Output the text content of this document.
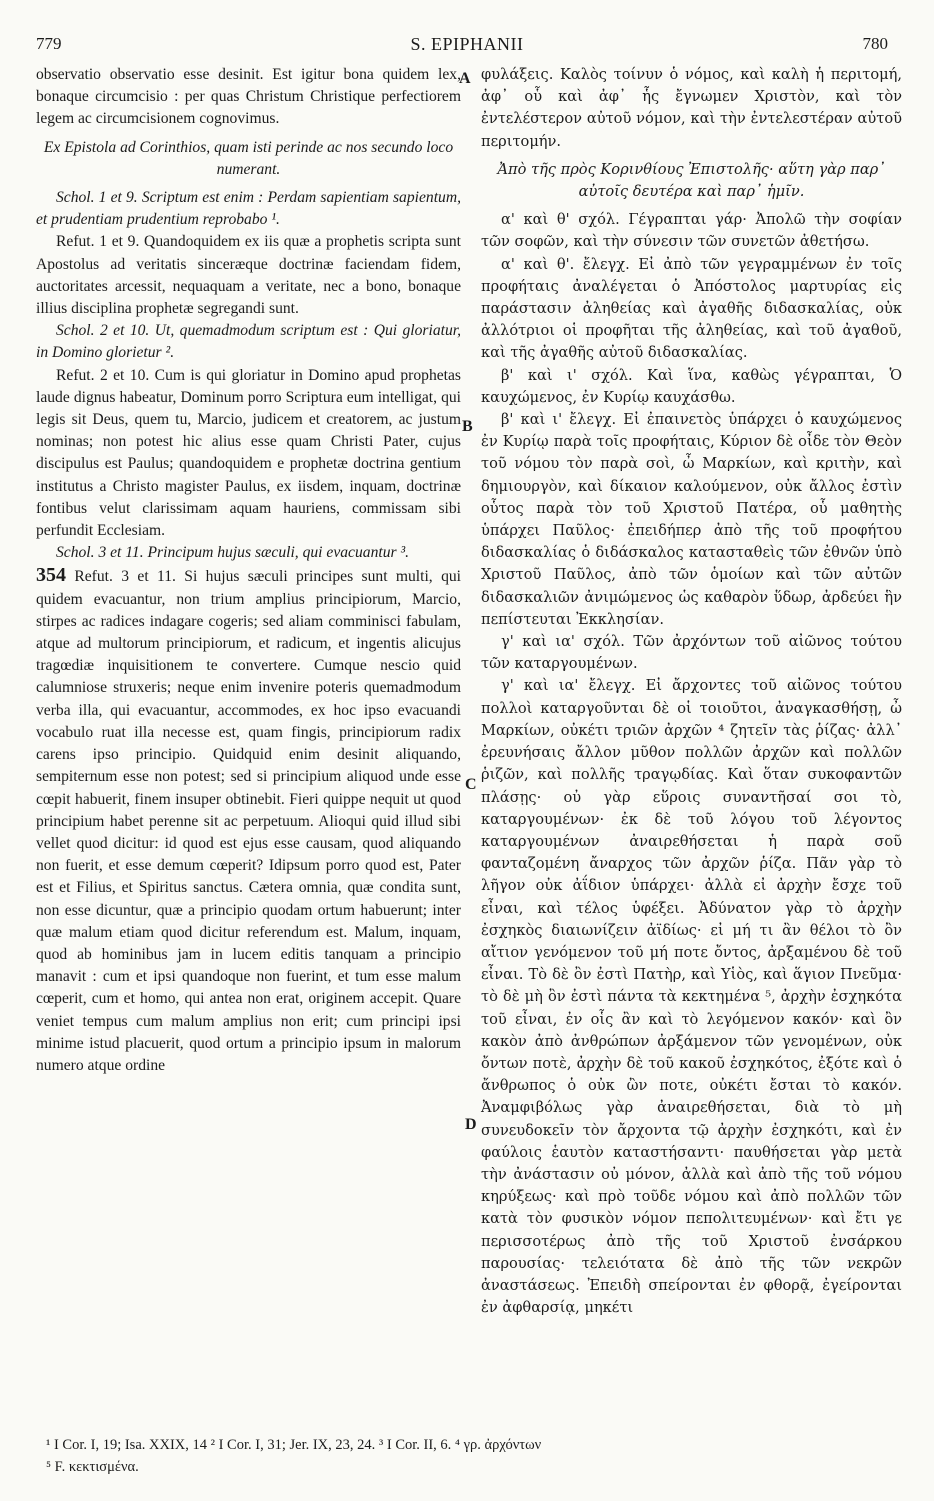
779	S. EPIPHANII	780
A
B
C
D

observatio observatio esse desinit. Est igitur bona quidem lex, bonaque circumcisio : per quas Christum Christique perfectiorem legem ac circumcisionem cognovimus.

Ex Epistola ad Corinthios, quam isti perinde ac nos secundo loco numerant.

Schol. 1 et 9. Scriptum est enim : Perdam sapientiam sapientum, et prudentiam prudentium reprobabo ¹.

Refut. 1 et 9. Quandoquidem ex iis quæ a prophetis scripta sunt Apostolus ad veritatis sinceræque doctrinæ faciendam fidem, auctoritates arcessit, nequaquam a veritate, nec a bono, bonaque illius disciplina prophetæ segregandi sunt.

Schol. 2 et 10. Ut, quemadmodum scriptum est : Qui gloriatur, in Domino glorietur ².

Refut. 2 et 10. Cum is qui gloriatur in Domino apud prophetas laude dignus habeatur, Dominum porro Scriptura eum intelligat, qui legis sit Deus, quem tu, Marcio, judicem et creatorem, ac justum nominas; non potest hic alius esse quam Christi Pater, cujus discipulus est Paulus; quandoquidem e prophetæ doctrina gentium institutus a Christo magister Paulus, ex iisdem, inquam, doctrinæ fontibus velut clarissimam aquam hauriens, commissam sibi perfundit Ecclesiam.

Schol. 3 et 11. Principum hujus sæculi, qui evacuantur ³.

354 Refut. 3 et 11. Si hujus sæculi principes sunt multi, qui quidem evacuantur, non trium amplius principiorum, Marcio, stirpes ac radices indagare cogeris; sed aliam comminisci fabulam, atque ad multorum principiorum, et radicum, et ingentis alicujus tragœdiæ inquisitionem te convertere. Cumque nescio quid calumniose struxeris; neque enim invenire poteris quemadmodum verba illa, qui evacuantur, accommodes, ex hoc ipso evacuandi vocabulo ruat illa necesse est, quam fingis, principiorum radix carens ipso principio. Quidquid enim desinit aliquando, sempiternum esse non potest; sed si principium aliquod unde esse cœpit habuerit, finem insuper obtinebit. Fieri quippe nequit ut quod principium habet perenne sit ac perpetuum. Alioqui quid illud sibi vellet quod dicitur: id quod est ejus esse causam, quod aliquando non fuerit, et esse demum cœperit? Idipsum porro quod est, Pater est et Filius, et Spiritus sanctus. Cætera omnia, quæ condita sunt, non esse dicuntur, quæ a principio quodam ortum habuerunt; inter quæ malum etiam quod dicitur referendum est. Malum, inquam, quod ab hominibus jam in lucem editis tanquam a principio manavit : cum et ipsi quandoque non fuerint, et tum esse malum cœperit, cum et homo, qui antea non erat, originem accepit. Quare veniet tempus cum malum amplius non erit; cum principi ipsi minime istud placuerit, quod ortum a principio ipsum in malorum numero atque ordine

φυλάξεις. Καλὸς τοίνυν ὁ νόμος, καὶ καλὴ ἡ περιτομή, ἀφ᾽ οὗ καὶ ἀφ᾽ ἧς ἔγνωμεν Χριστὸν, καὶ τὸν ἐντελέστερον αὐτοῦ νόμον, καὶ τὴν ἐντελεστέραν αὐτοῦ περιτομήν.

Ἀπὸ τῆς πρὸς Κορινθίους Ἐπιστολῆς· αὕτη γὰρ παρ᾽ αὐτοῖς δευτέρα καὶ παρ᾽ ἡμῖν.

α' καὶ θ' σχόλ. Γέγραπται γάρ· Ἀπολῶ τὴν σοφίαν τῶν σοφῶν, καὶ τὴν σύνεσιν τῶν συνετῶν ἀθετήσω.

α' καὶ θ'. ἔλεγχ. Εἰ ἀπὸ τῶν γεγραμμένων ἐν τοῖς προφήταις ἀναλέγεται ὁ Ἀπόστολος μαρτυρίας εἰς παράστασιν ἀληθείας καὶ ἀγαθῆς διδασκαλίας, οὐκ ἀλλότριοι οἱ προφῆται τῆς ἀληθείας, καὶ τοῦ ἀγαθοῦ, καὶ τῆς ἀγαθῆς αὐτοῦ διδασκαλίας.

β' καὶ ι' σχόλ. Καὶ ἵνα, καθὼς γέγραπται, Ὁ καυχώμενος, ἐν Κυρίῳ καυχάσθω.

β' καὶ ι' ἔλεγχ. Εἰ ἐπαινετὸς ὑπάρχει ὁ καυχώμενος ἐν Κυρίῳ παρὰ τοῖς προφήταις, Κύριον δὲ οἶδε τὸν Θεὸν τοῦ νόμου τὸν παρὰ σοὶ, ὦ Μαρκίων, καὶ κριτὴν, καὶ δημιουργὸν, καὶ δίκαιον καλούμενον, οὐκ ἄλλος ἐστὶν οὗτος παρὰ τὸν τοῦ Χριστοῦ Πατέρα, οὗ μαθητὴς ὑπάρχει Παῦλος· ἐπειδήπερ ἀπὸ τῆς τοῦ προφήτου διδασκαλίας ὁ διδάσκαλος κατασταθεὶς τῶν ἐθνῶν ὑπὸ Χριστοῦ Παῦλος, ἀπὸ τῶν ὁμοίων καὶ τῶν αὐτῶν διδασκαλιῶν ἀνιμώμενος ὡς καθαρὸν ὕδωρ, ἀρδεύει ἣν πεπίστευται Ἐκκλησίαν.

γ' καὶ ια' σχόλ. Τῶν ἀρχόντων τοῦ αἰῶνος τούτου τῶν καταργουμένων.

γ' καὶ ια' ἔλεγχ. Εἰ ἄρχοντες τοῦ αἰῶνος τούτου πολλοὶ καταργοῦνται δὲ οἱ τοιοῦτοι, ἀναγκασθήσῃ, ὦ Μαρκίων, οὐκέτι τριῶν ἀρχῶν ⁴ ζητεῖν τὰς ῥίζας· ἀλλ᾽ ἐρευνήσαις ἄλλον μῦθον πολλῶν ἀρχῶν καὶ πολλῶν ῥιζῶν, καὶ πολλῆς τραγῳδίας. Καὶ ὅταν συκοφαντῶν πλάσῃς· οὐ γὰρ εὕροις συναντῆσαί σοι τὸ, καταργουμένων· ἐκ δὲ τοῦ λόγου τοῦ λέγοντος καταργουμένων ἀναιρεθήσεται ἡ παρὰ σοῦ φανταζομένη ἄναρχος τῶν ἀρχῶν ῥίζα. Πᾶν γὰρ τὸ λῆγον οὐκ ἀΐδιον ὑπάρχει· ἀλλὰ εἰ ἀρχὴν ἔσχε τοῦ εἶναι, καὶ τέλος ὑφέξει. Ἀδύνατον γὰρ τὸ ἀρχὴν ἐσχηκὸς διαιωνίζειν ἀϊδίως· εἰ μή τι ἂν θέλοι τὸ ὂν αἴτιον γενόμενον τοῦ μή ποτε ὄντος, ἀρξαμένου δὲ τοῦ εἶναι. Τὸ δὲ ὂν ἐστὶ Πατὴρ, καὶ Υἱὸς, καὶ ἅγιον Πνεῦμα· τὸ δὲ μὴ ὂν ἐστὶ πάντα τὰ κεκτημένα ⁵, ἀρχὴν ἐσχηκότα τοῦ εἶναι, ἐν οἷς ἂν καὶ τὸ λεγόμενον κακόν· καὶ ὂν κακὸν ἀπὸ ἀνθρώπων ἀρξάμενον τῶν γενομένων, οὐκ ὄντων ποτὲ, ἀρχὴν δὲ τοῦ κακοῦ ἐσχηκότος, ἐξότε καὶ ὁ ἄνθρωπος ὁ οὐκ ὢν ποτε, οὐκέτι ἔσται τὸ κακόν. Ἀναμφιβόλως γὰρ ἀναιρεθήσεται, διὰ τὸ μὴ συνευδοκεῖν τὸν ἄρχοντα τῷ ἀρχὴν ἐσχηκότι, καὶ ἐν φαύλοις ἑαυτὸν καταστήσαντι· παυθήσεται γὰρ μετὰ τὴν ἀνάστασιν οὐ μόνον, ἀλλὰ καὶ ἀπὸ τῆς τοῦ νόμου κηρύξεως· καὶ πρὸ τοῦδε νόμου καὶ ἀπὸ πολλῶν τῶν κατὰ τὸν φυσικὸν νόμον πεπολιτευμένων· καὶ ἔτι γε περισσοτέρως ἀπὸ τῆς τοῦ Χριστοῦ ἐνσάρκου παρουσίας· τελειότατα δὲ ἀπὸ τῆς τῶν νεκρῶν ἀναστάσεως. Ἐπειδὴ σπείρονται ἐν φθορᾷ, ἐγείρονται ἐν ἀφθαρσίᾳ, μηκέτι

¹ I Cor. I, 19; Isa. XXIX, 14 ² I Cor. I, 31; Jer. IX, 23, 24. ³ I Cor. II, 6. ⁴ γρ. ἀρχόντων
⁵ F. κεκτισμένα.
